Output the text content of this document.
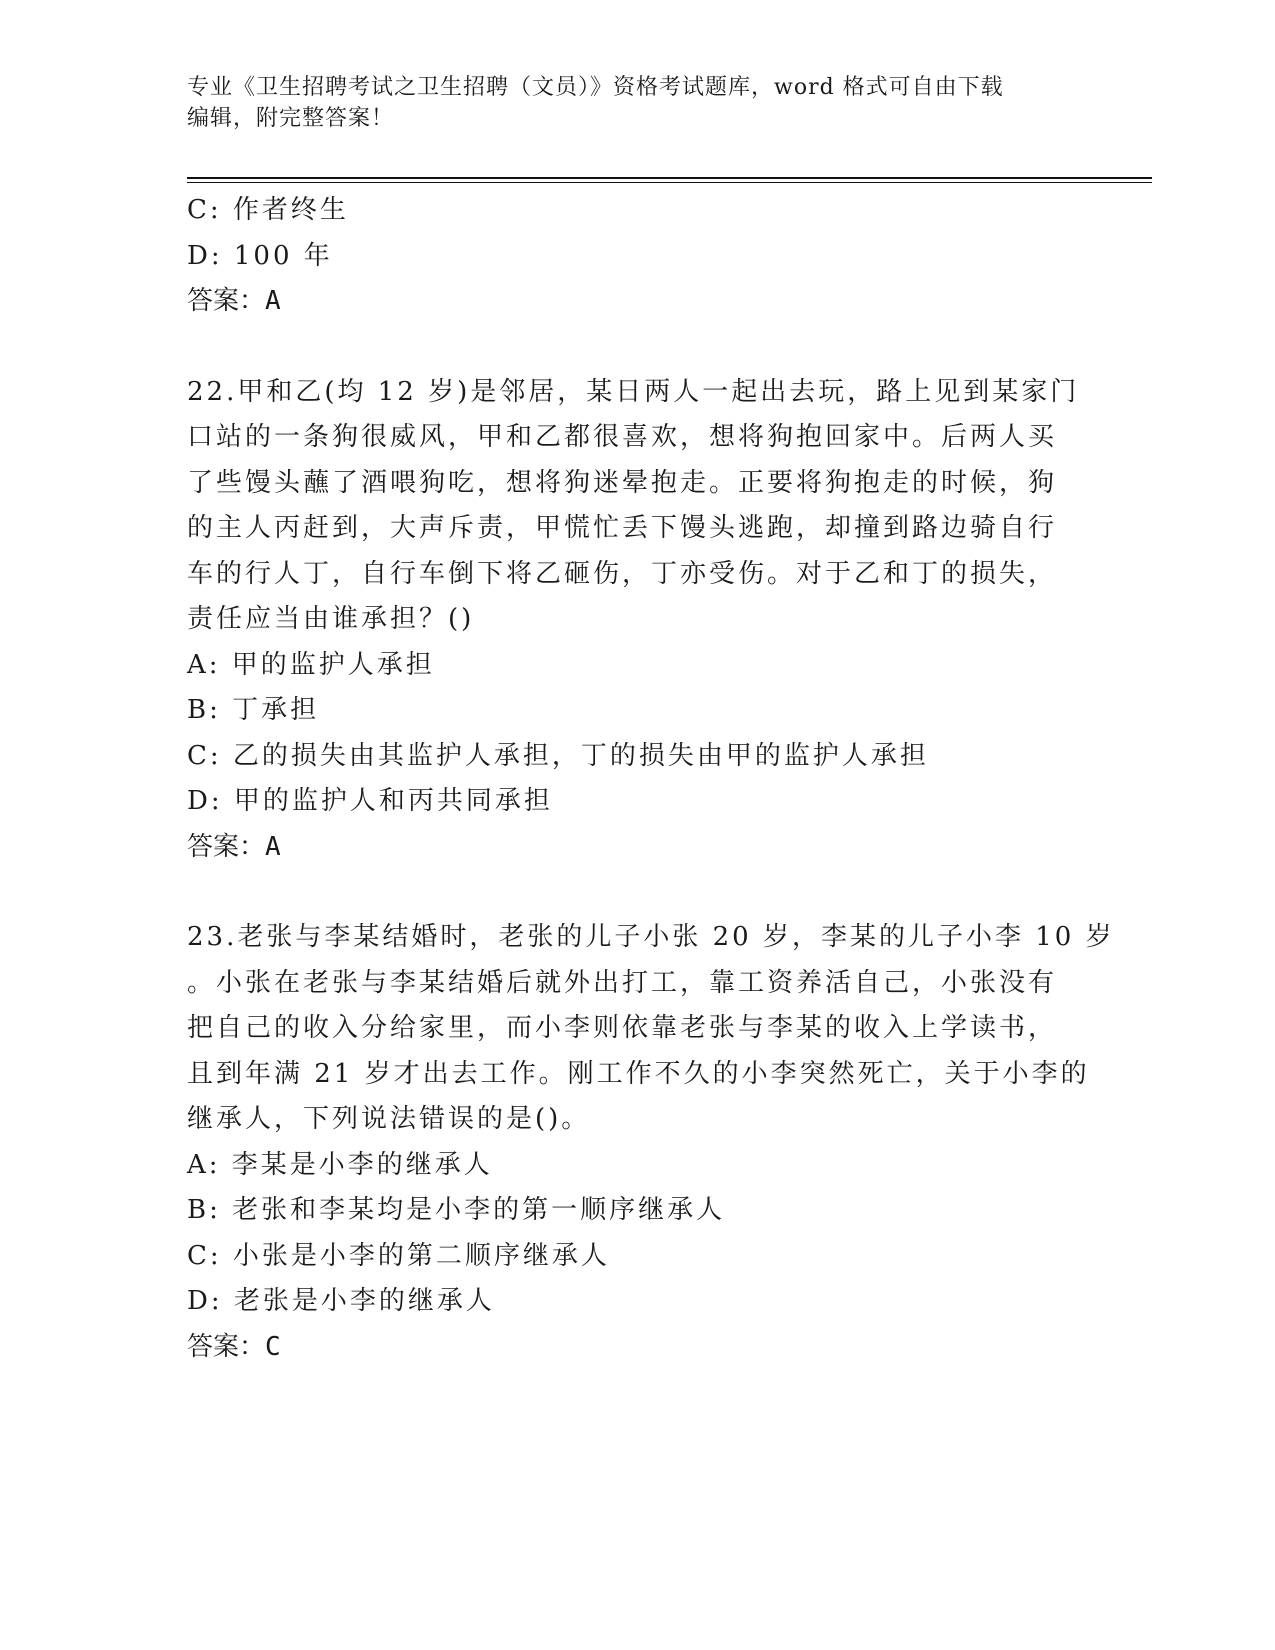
专业《卫生招聘考试之卫生招聘（文员）》资格考试题库，word 格式可自由下载
编辑，附完整答案！
C: 作者终生
D: 100 年
答案：A
22.甲和乙(均 12 岁)是邻居，某日两人一起出去玩，路上见到某家门
口站的一条狗很威风，甲和乙都很喜欢，想将狗抱回家中。后两人买
了些馒头蘸了酒喂狗吃，想将狗迷晕抱走。正要将狗抱走的时候，狗
的主人丙赶到，大声斥责，甲慌忙丢下馒头逃跑，却撞到路边骑自行
车的行人丁，自行车倒下将乙砸伤，丁亦受伤。对于乙和丁的损失，
责任应当由谁承担？()
A: 甲的监护人承担
B: 丁承担
C: 乙的损失由其监护人承担，丁的损失由甲的监护人承担
D: 甲的监护人和丙共同承担
答案：A
23.老张与李某结婚时，老张的儿子小张 20 岁，李某的儿子小李 10 岁
。小张在老张与李某结婚后就外出打工，靠工资养活自己，小张没有
把自己的收入分给家里，而小李则依靠老张与李某的收入上学读书，
且到年满 21 岁才出去工作。刚工作不久的小李突然死亡，关于小李的
继承人，下列说法错误的是()。
A: 李某是小李的继承人
B: 老张和李某均是小李的第一顺序继承人
C: 小张是小李的第二顺序继承人
D: 老张是小李的继承人
答案：C
